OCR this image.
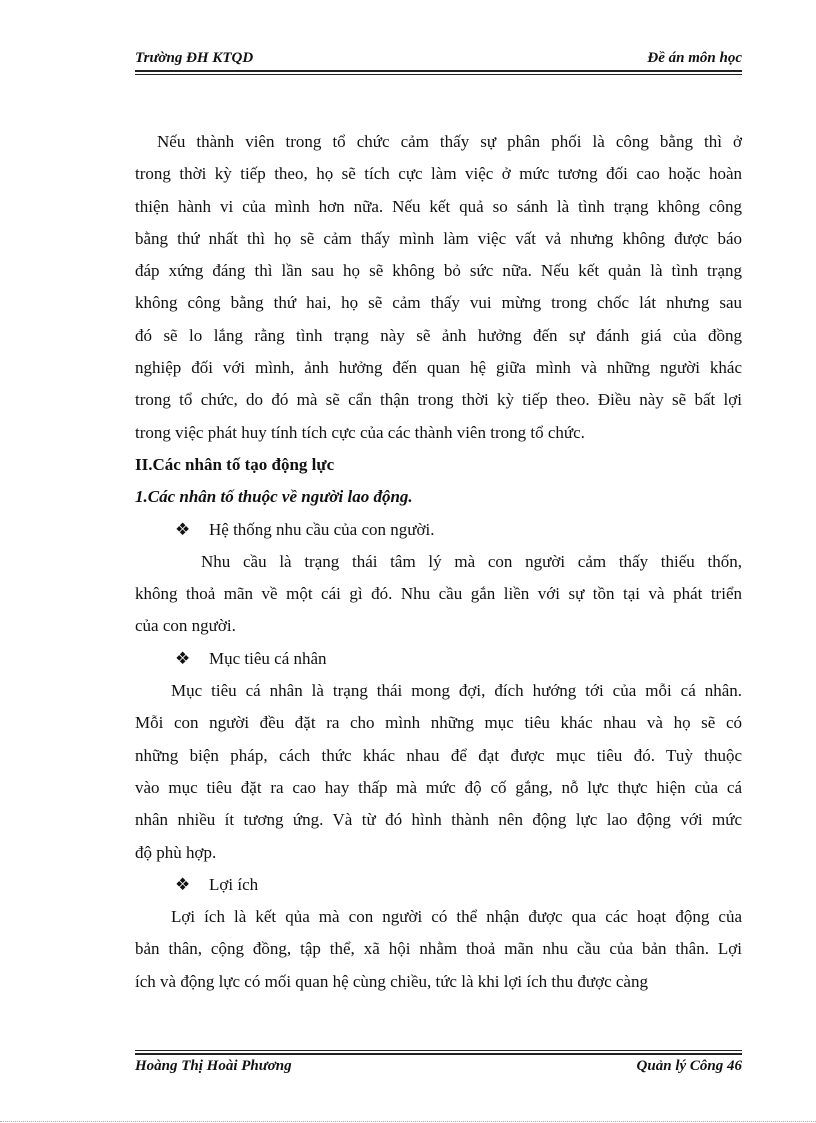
Trường ĐH KTQD	Đề án môn học
Nếu thành viên trong tổ chức cảm thấy sự phân phối là công bằng thì ở
trong thời kỳ tiếp theo, họ sẽ tích cực làm việc ở mức tương đối cao hoặc hoàn
thiện hành vi của mình hơn nữa. Nếu kết quả so sánh là tình trạng không công
bằng thứ nhất thì họ sẽ cảm thấy mình làm việc vất vả nhưng không được báo
đáp xứng đáng thì lần sau họ sẽ không bỏ sức nữa. Nếu kết quản là tình trạng
không công bằng thứ hai, họ sẽ cảm thấy vui mừng trong chốc lát nhưng sau
đó sẽ lo lắng rằng tình trạng này sẽ ảnh hưởng đến sự đánh giá của đồng
nghiệp đối với mình, ảnh hưởng đến quan hệ giữa mình và những người khác
trong tổ chức, do đó mà sẽ cẩn thận trong thời kỳ tiếp theo. Điều này sẽ bất lợi
trong việc phát huy tính tích cực của các thành viên trong tổ chức.
II.Các nhân tố tạo động lực
1.Các nhân tố thuộc về người lao động.
❖ Hệ thống nhu cầu của con người.
Nhu cầu là trạng thái tâm lý mà con người cảm thấy thiếu thốn,
không thoả mãn về một cái gì đó. Nhu cầu gắn liền với sự tồn tại và phát triển
của con người.
❖ Mục tiêu cá nhân
Mục tiêu cá nhân là trạng thái mong đợi, đích hướng tới của mỗi cá nhân.
Mỗi con người đều đặt ra cho mình những mục tiêu khác nhau và họ sẽ có
những biện pháp, cách thức khác nhau để đạt được mục tiêu đó. Tuỳ thuộc
vào mục tiêu đặt ra cao hay thấp mà mức độ cố gắng, nỗ lực thực hiện của cá
nhân nhiều ít tương ứng. Và từ đó hình thành nên động lực lao động với mức
độ phù hợp.
❖ Lợi ích
Lợi ích là kết qủa mà con người có thể nhận được qua các hoạt động của
bản thân, cộng đồng, tập thể, xã hội nhằm thoả mãn nhu cầu của bản thân. Lợi
ích và động lực có mối quan hệ cùng chiều, tức là khi lợi ích thu được càng
Hoàng Thị Hoài Phương	Quản lý Công 46
